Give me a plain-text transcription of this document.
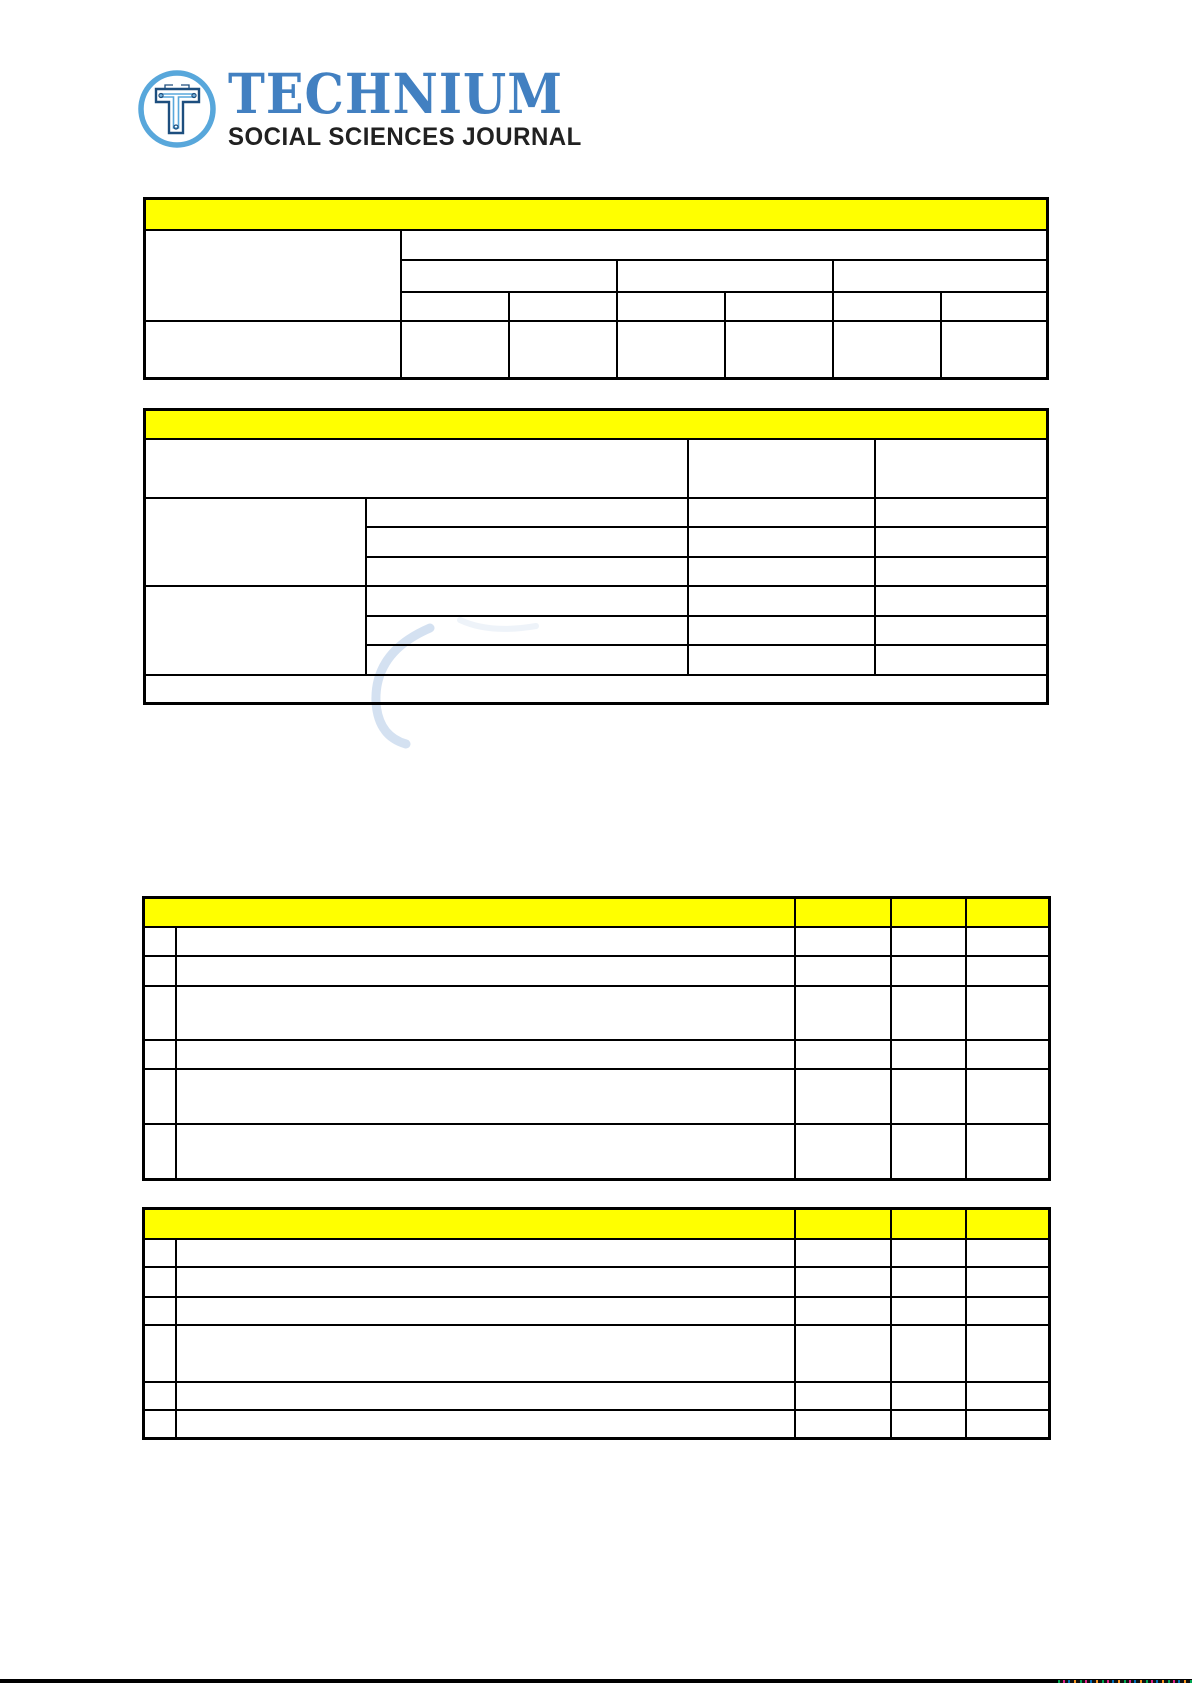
TECHNIUM
SOCIAL SCIENCES JOURNAL
